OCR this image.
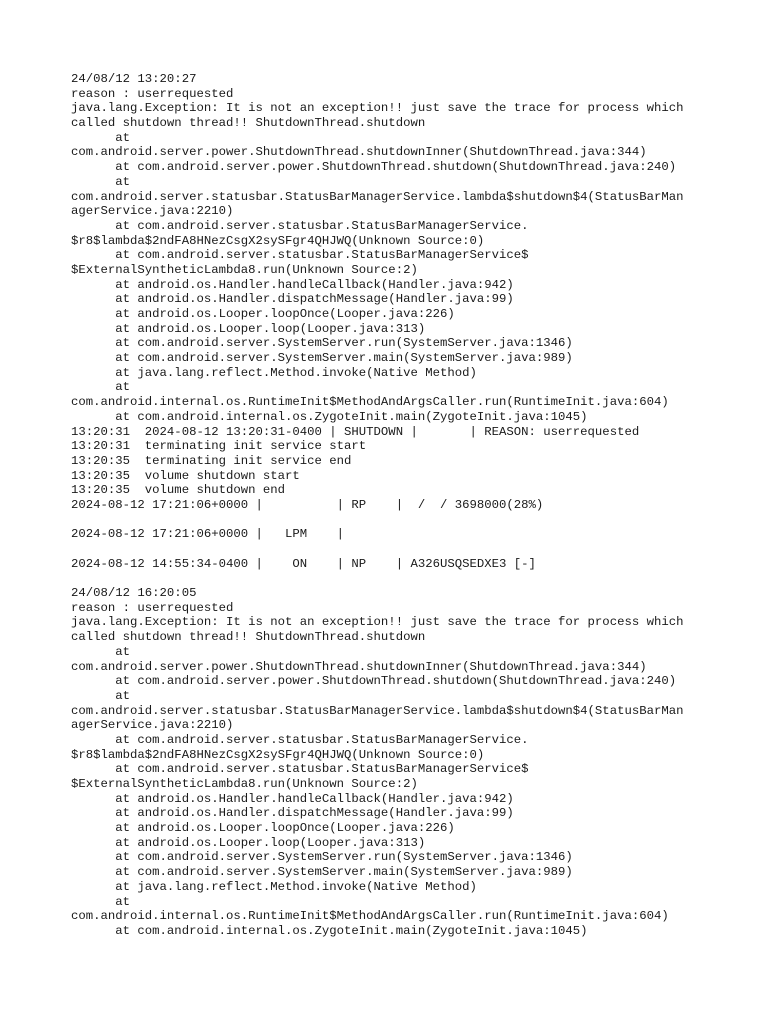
24/08/12 13:20:27
reason : userrequested
java.lang.Exception: It is not an exception!! just save the trace for process which
called shutdown thread!! ShutdownThread.shutdown
at
com.android.server.power.ShutdownThread.shutdownInner(ShutdownThread.java:344)
at com.android.server.power.ShutdownThread.shutdown(ShutdownThread.java:240)
at
com.android.server.statusbar.StatusBarManagerService.lambda$shutdown$4(StatusBarMan
agerService.java:2210)
at com.android.server.statusbar.StatusBarManagerService.
$r8$lambda$2ndFA8HNezCsgX2sySFgr4QHJWQ(Unknown Source:0)
at com.android.server.statusbar.StatusBarManagerService$
$ExternalSyntheticLambda8.run(Unknown Source:2)
at android.os.Handler.handleCallback(Handler.java:942)
at android.os.Handler.dispatchMessage(Handler.java:99)
at android.os.Looper.loopOnce(Looper.java:226)
at android.os.Looper.loop(Looper.java:313)
at com.android.server.SystemServer.run(SystemServer.java:1346)
at com.android.server.SystemServer.main(SystemServer.java:989)
at java.lang.reflect.Method.invoke(Native Method)
at
com.android.internal.os.RuntimeInit$MethodAndArgsCaller.run(RuntimeInit.java:604)
at com.android.internal.os.ZygoteInit.main(ZygoteInit.java:1045)
13:20:31  2024-08-12 13:20:31-0400 | SHUTDOWN |       | REASON: userrequested
13:20:31  terminating init service start
13:20:35  terminating init service end
13:20:35  volume shutdown start
13:20:35  volume shutdown end
2024-08-12 17:21:06+0000 |          | RP    |  /  / 3698000(28%)
2024-08-12 17:21:06+0000 |   LPM    |
2024-08-12 14:55:34-0400 |    ON    | NP    | A326USQSEDXE3 [-]
24/08/12 16:20:05
reason : userrequested
java.lang.Exception: It is not an exception!! just save the trace for process which
called shutdown thread!! ShutdownThread.shutdown
at
com.android.server.power.ShutdownThread.shutdownInner(ShutdownThread.java:344)
at com.android.server.power.ShutdownThread.shutdown(ShutdownThread.java:240)
at
com.android.server.statusbar.StatusBarManagerService.lambda$shutdown$4(StatusBarMan
agerService.java:2210)
at com.android.server.statusbar.StatusBarManagerService.
$r8$lambda$2ndFA8HNezCsgX2sySFgr4QHJWQ(Unknown Source:0)
at com.android.server.statusbar.StatusBarManagerService$
$ExternalSyntheticLambda8.run(Unknown Source:2)
at android.os.Handler.handleCallback(Handler.java:942)
at android.os.Handler.dispatchMessage(Handler.java:99)
at android.os.Looper.loopOnce(Looper.java:226)
at android.os.Looper.loop(Looper.java:313)
at com.android.server.SystemServer.run(SystemServer.java:1346)
at com.android.server.SystemServer.main(SystemServer.java:989)
at java.lang.reflect.Method.invoke(Native Method)
at
com.android.internal.os.RuntimeInit$MethodAndArgsCaller.run(RuntimeInit.java:604)
at com.android.internal.os.ZygoteInit.main(ZygoteInit.java:1045)
